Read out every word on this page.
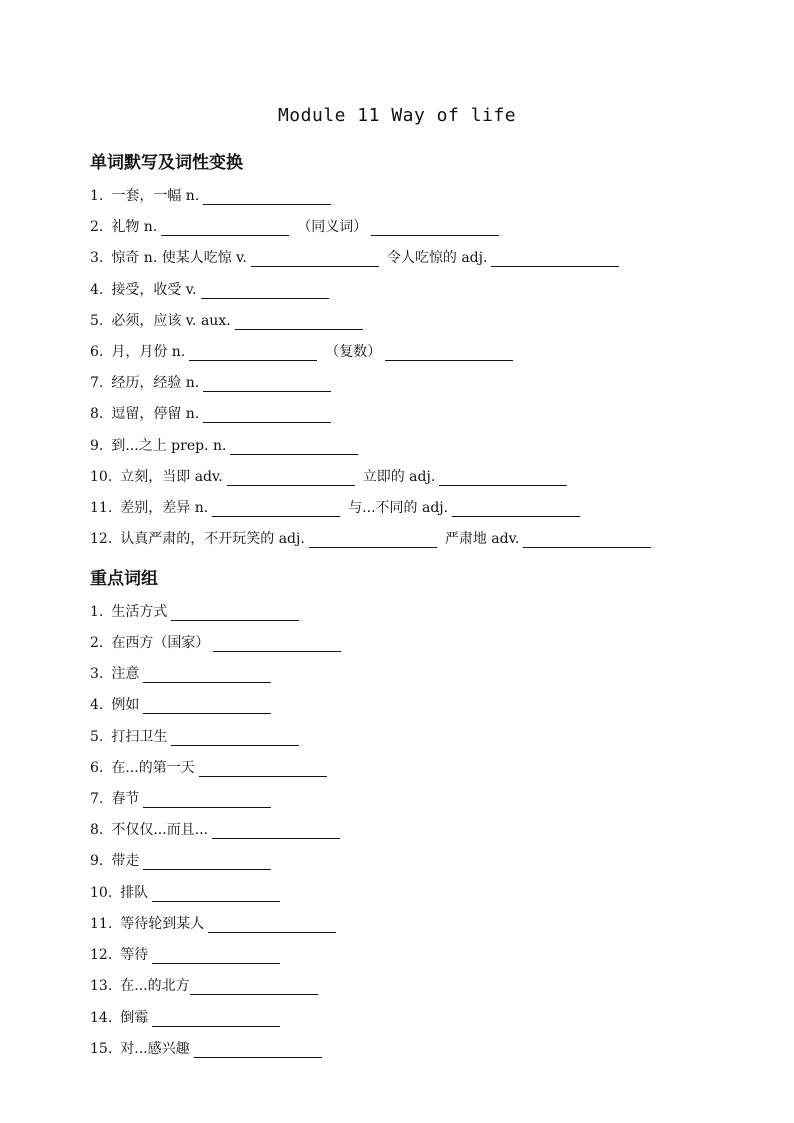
Module 11 Way of life
单词默写及词性变换
1. 一套，一幅 n.
2. 礼物 n.	（同义词）
3. 惊奇 n. 使某人吃惊 v.	令人吃惊的 adj.
4. 接受，收受 v.
5. 必须，应该 v. aux.
6. 月，月份 n.	（复数）
7. 经历，经验 n.
8. 逗留，停留 n.
9. 到...之上 prep. n.
10. 立刻，当即 adv.	立即的 adj.
11. 差别，差异 n.	与...不同的 adj.
12. 认真严肃的，不开玩笑的 adj.	严肃地 adv.
重点词组
1. 生活方式
2. 在西方（国家）
3. 注意
4. 例如
5. 打扫卫生
6. 在...的第一天
7. 春节
8. 不仅仅...而且...
9. 带走
10. 排队
11. 等待轮到某人
12. 等待
13. 在...的北方
14. 倒霉
15. 对...感兴趣
